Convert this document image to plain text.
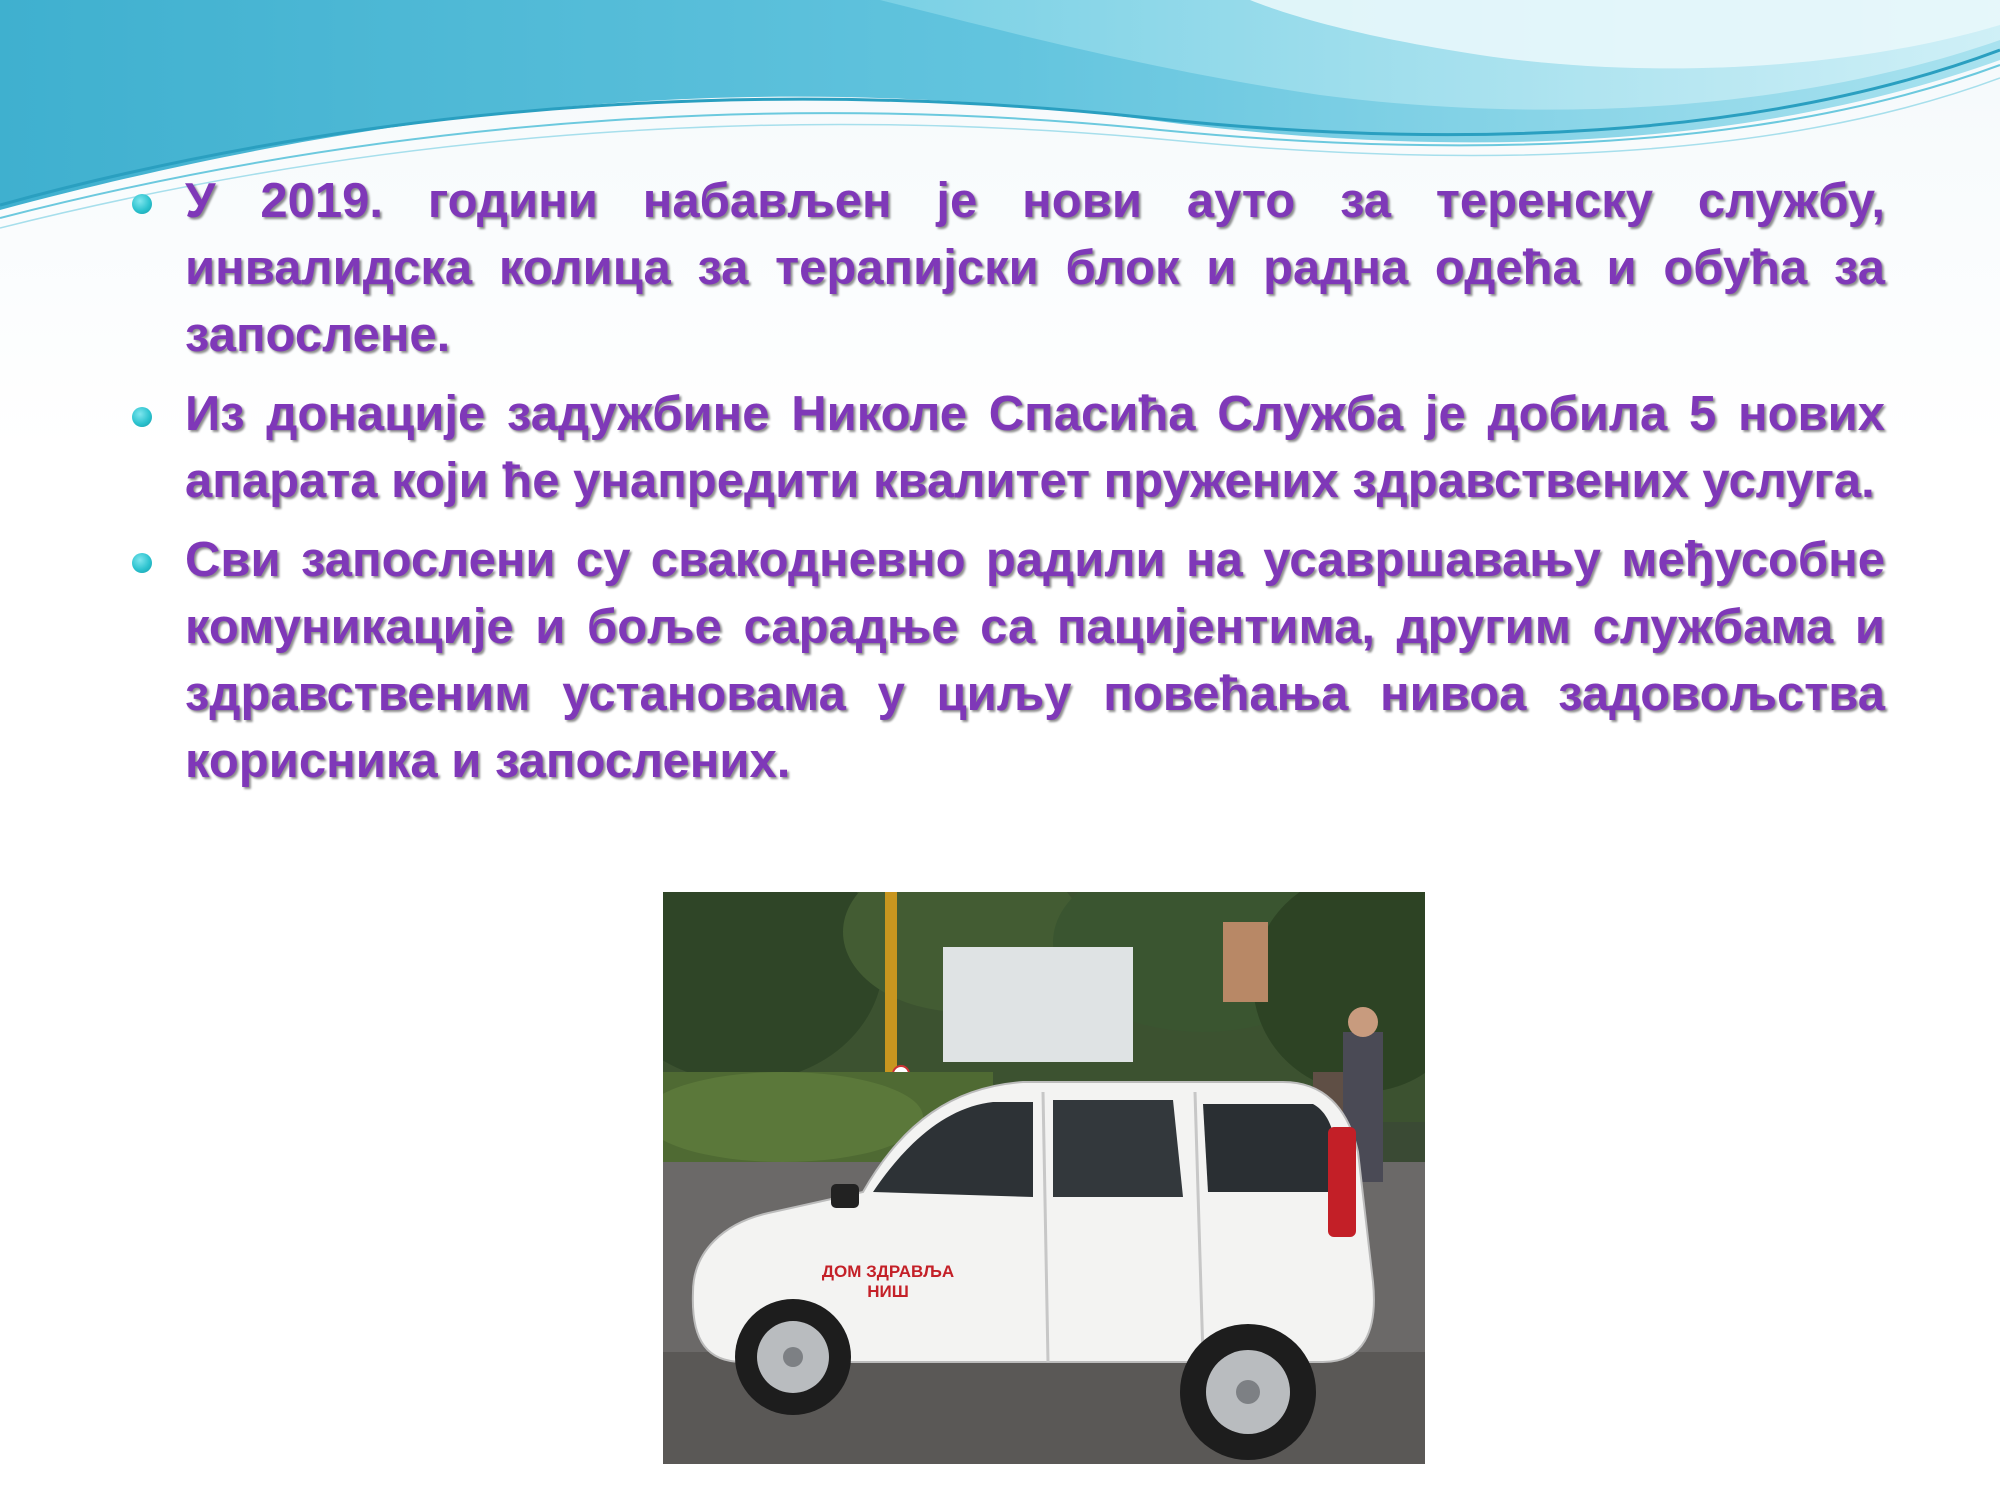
У 2019. години набављен је нови ауто за теренску службу, инвалидска колица за терапијски блок и радна одећа и обућа за запослене.
Из донације задужбине Николе Спасића Служба је добила 5 нових апарата који ће унапредити квалитет пружених здравствених услуга.
Сви запослени су свакодневно радили на усавршавању међусобне комуникације и боље сарадње са пацијентима, другим службама и здравственим установама у циљу повећања нивоа задовољства корисника и запослених.
ДОМ ЗДРАВЉА
НИШ
